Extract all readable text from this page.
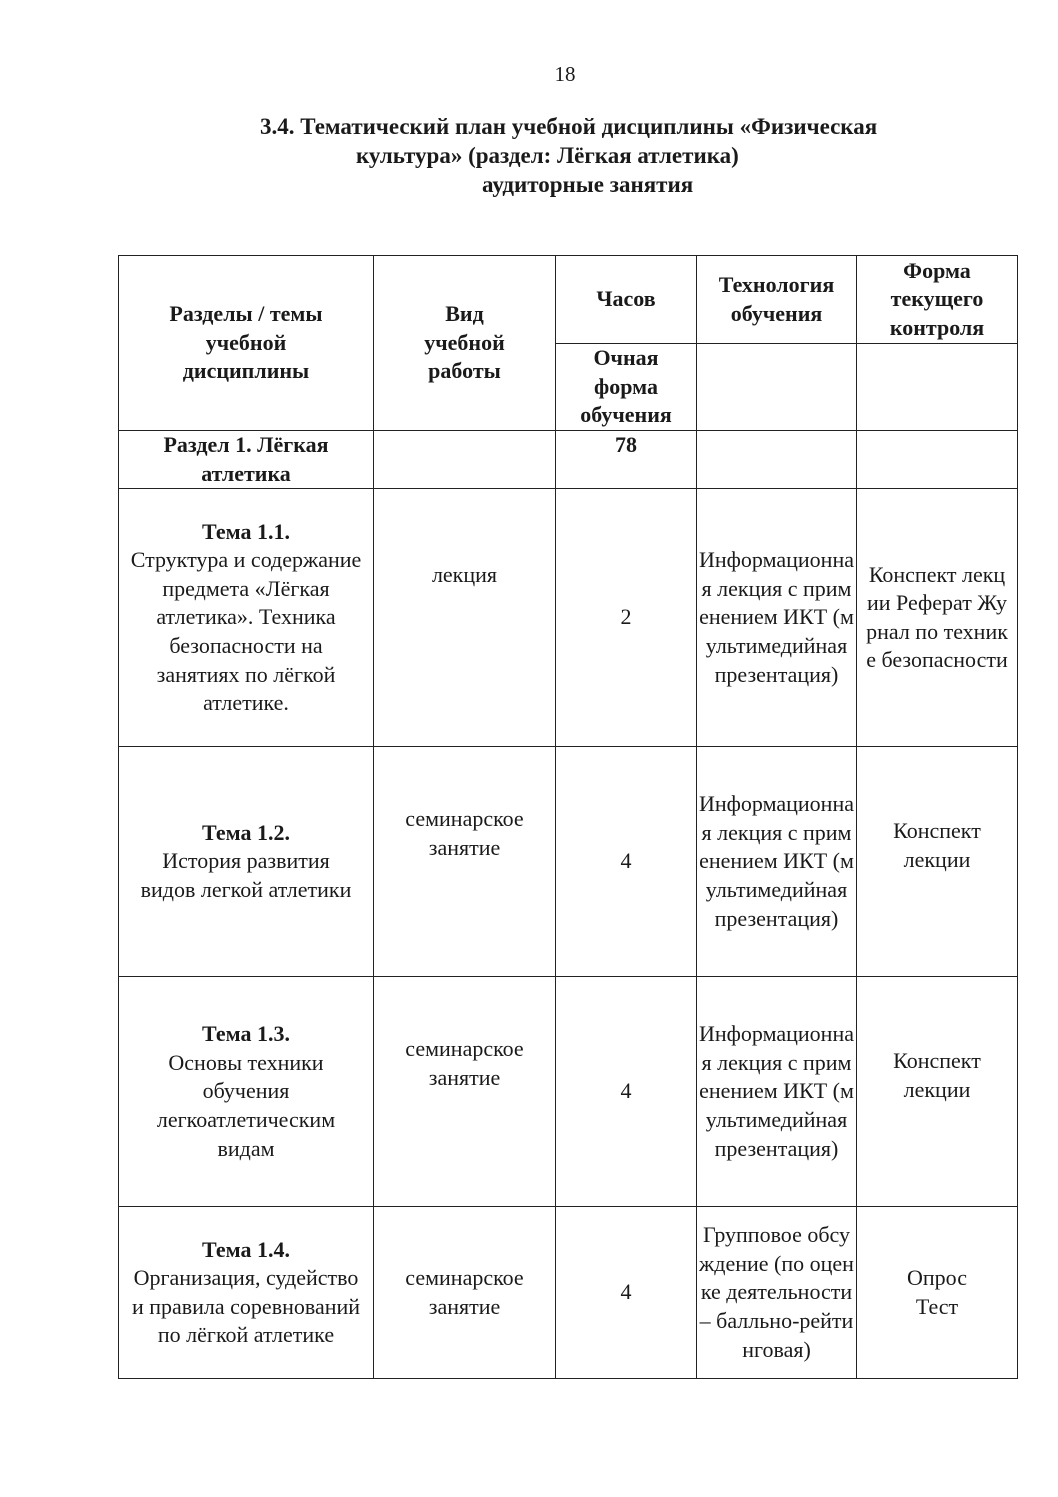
18
3.4. Тематический план учебной дисциплины «Физическая
культура» (раздел: Лёгкая атлетика)
аудиторные занятия
Разделы / темы учебной дисциплины	Вид учебной работы	Часов	Технология обучения	Форма текущего контроля
		Очная форма обучения		
Раздел 1. Лёгкая атлетика		78		

Тема 1.1.
Структура и содержание предмета «Лёгкая атлетика». Техника безопасности на занятиях по лёгкой атлетике.	лекция	2	Информационная лекция с применением ИКТ (мультимедийная презентация)	Конспект лекции Реферат Журнал по технике безопасности

Тема 1.2.
История развития видов легкой атлетики	семинарское занятие	4	Информационная лекция с применением ИКТ (мультимедийная презентация)	Конспект лекции

Тема 1.3.
Основы техники обучения легкоатлетическим видам	семинарское занятие	4	Информационная лекция с применением ИКТ (мультимедийная презентация)	Конспект лекции

Тема 1.4.
Организация, судейство и правила соревнований по лёгкой атлетике	семинарское занятие	4	Групповое обсуждение (по оценке деятельности – балльно-рейтинговая)	Опрос Тест
